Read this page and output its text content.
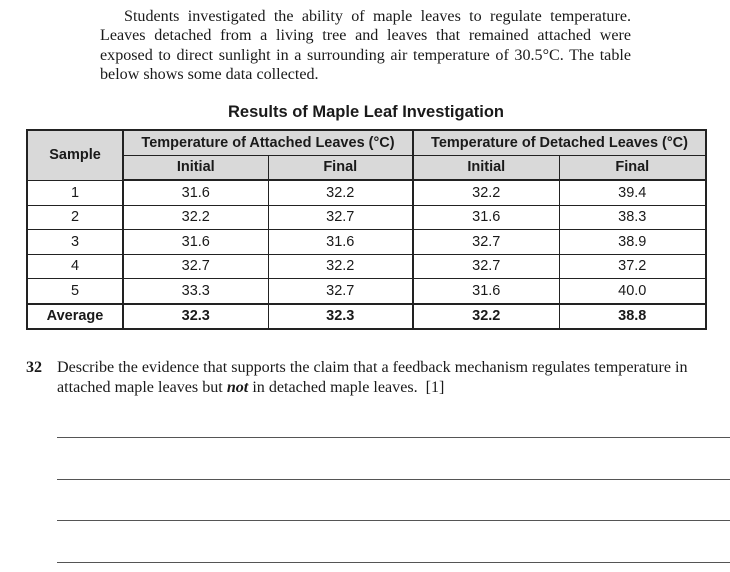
Students investigated the ability of maple leaves to regulate temperature. Leaves detached from a living tree and leaves that remained attached were exposed to direct sunlight in a surrounding air temperature of 30.5°C. The table below shows some data collected.

Results of Maple Leaf Investigation
Sample	Temperature of Attached Leaves (°C)		Temperature of Detached Leaves (°C)	
	Initial	Final	Initial	Final
1	31.6	32.2	32.2	39.4
2	32.2	32.7	31.6	38.3
3	31.6	31.6	32.7	38.9
4	32.7	32.2	32.7	37.2
5	33.3	32.7	31.6	40.0
Average	32.3	32.3	32.2	38.8
32 Describe the evidence that supports the claim that a feedback mechanism regulates temperature in attached maple leaves but not in detached maple leaves. [1]
